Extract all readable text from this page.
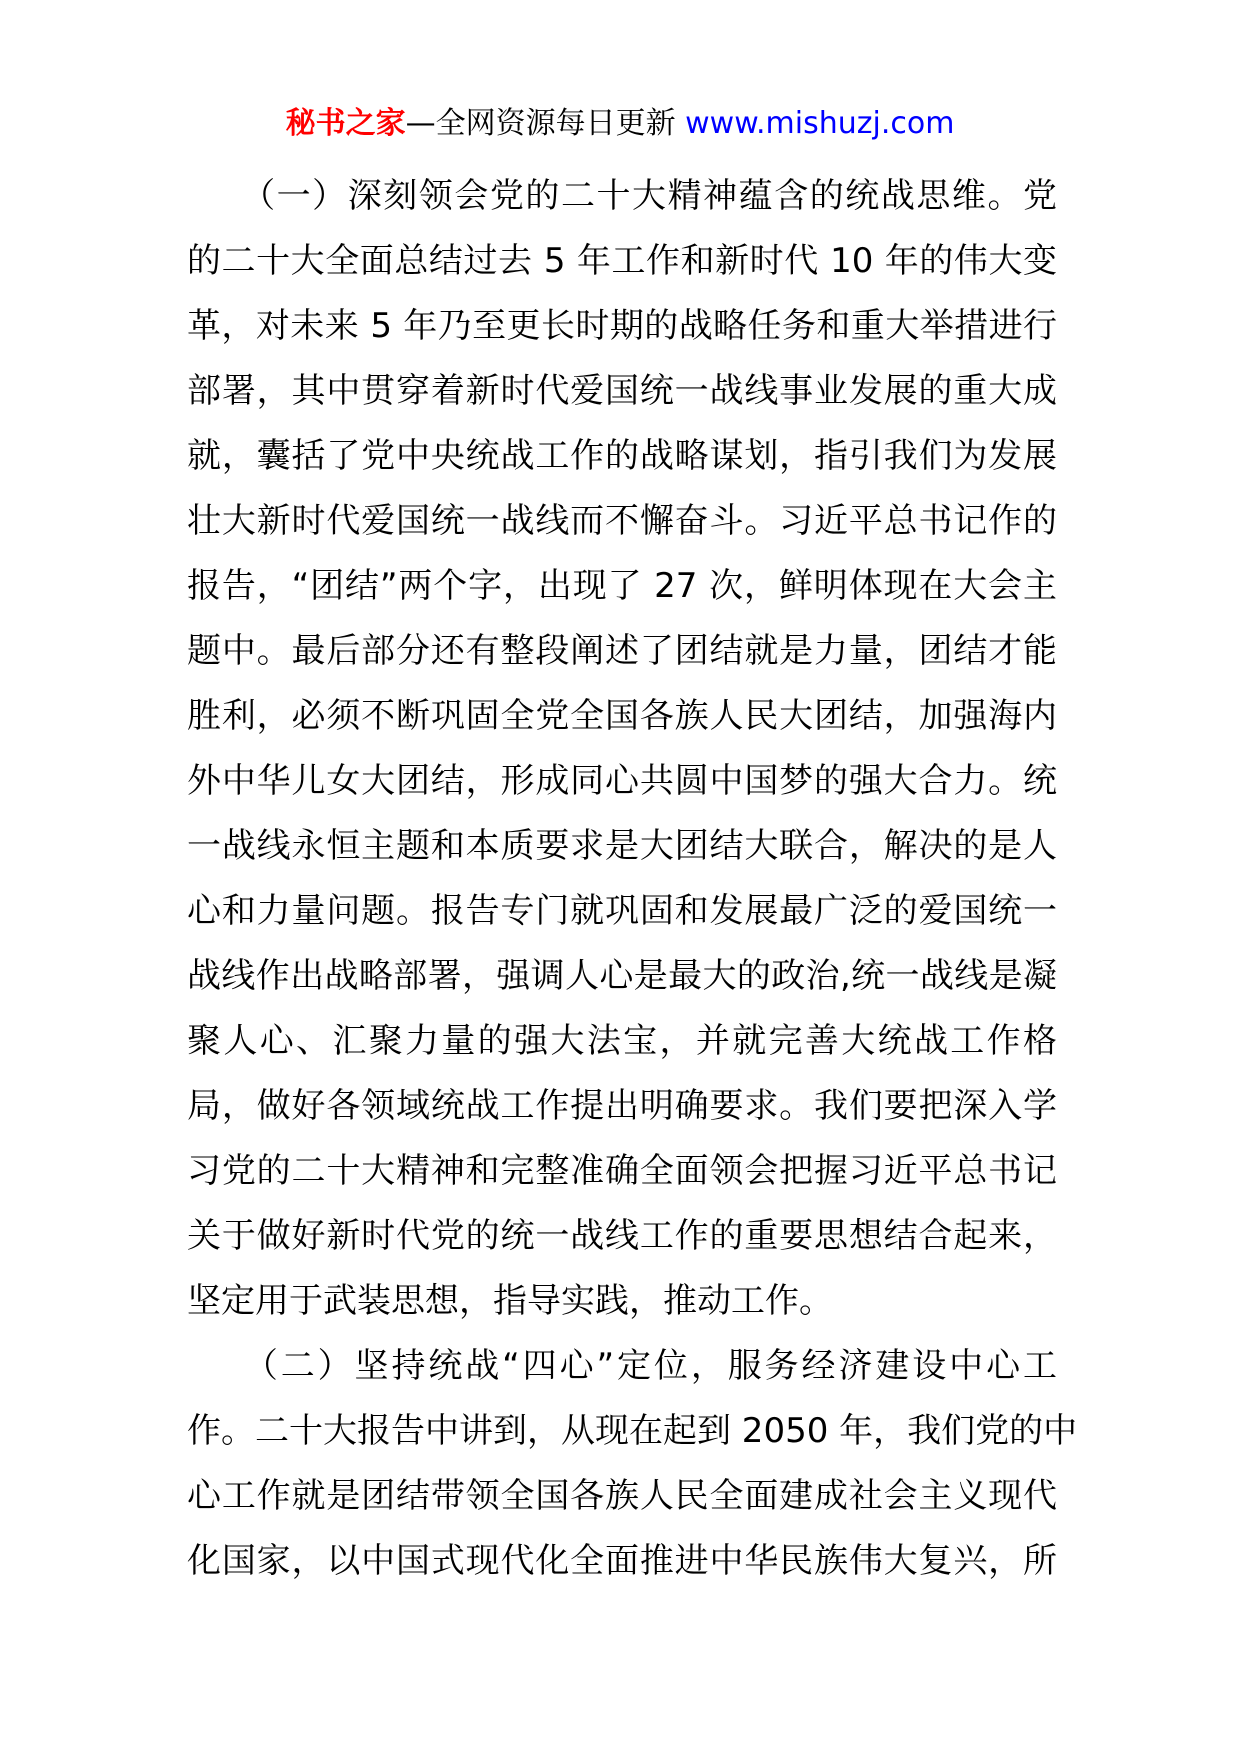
秘书之家—全网资源每日更新 www.mishuzj.com
　　（一）深刻领会党的二十大精神蕴含的统战思维。党
的二十大全面总结过去 5 年工作和新时代 10 年的伟大变
革，对未来 5 年乃至更长时期的战略任务和重大举措进行
部署，其中贯穿着新时代爱国统一战线事业发展的重大成
就，囊括了党中央统战工作的战略谋划，指引我们为发展
壮大新时代爱国统一战线而不懈奋斗。习近平总书记作的
报告，“团结”两个字，出现了 27 次，鲜明体现在大会主
题中。最后部分还有整段阐述了团结就是力量，团结才能
胜利，必须不断巩固全党全国各族人民大团结，加强海内
外中华儿女大团结，形成同心共圆中国梦的强大合力。统
一战线永恒主题和本质要求是大团结大联合，解决的是人
心和力量问题。报告专门就巩固和发展最广泛的爱国统一
战线作出战略部署，强调人心是最大的政治,统一战线是凝
聚人心、汇聚力量的强大法宝，并就完善大统战工作格
局，做好各领域统战工作提出明确要求。我们要把深入学
习党的二十大精神和完整准确全面领会把握习近平总书记
关于做好新时代党的统一战线工作的重要思想结合起来，
坚定用于武装思想，指导实践，推动工作。
　　（二）坚持统战“四心”定位，服务经济建设中心工
作。二十大报告中讲到，从现在起到 2050 年，我们党的中
心工作就是团结带领全国各族人民全面建成社会主义现代
化国家，以中国式现代化全面推进中华民族伟大复兴，所
